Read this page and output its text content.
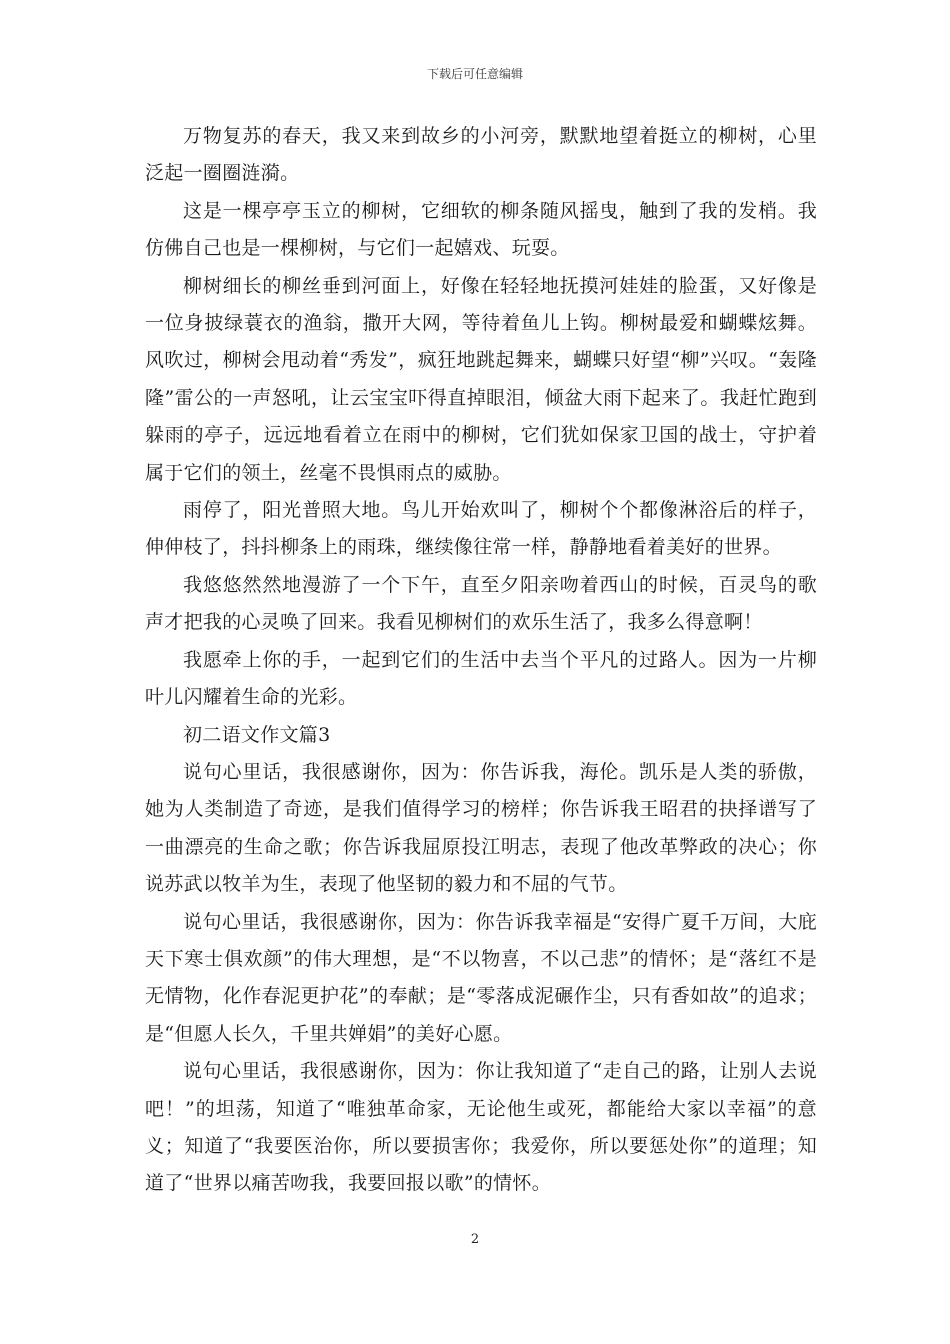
下载后可任意编辑

万物复苏的春天，我又来到故乡的小河旁，默默地望着挺立的柳树，心里泛起一圈圈涟漪。

这是一棵亭亭玉立的柳树，它细软的柳条随风摇曳，触到了我的发梢。我仿佛自己也是一棵柳树，与它们一起嬉戏、玩耍。

柳树细长的柳丝垂到河面上，好像在轻轻地抚摸河娃娃的脸蛋，又好像是一位身披绿蓑衣的渔翁，撒开大网，等待着鱼儿上钩。柳树最爱和蝴蝶炫舞。风吹过，柳树会甩动着“秀发”，疯狂地跳起舞来，蝴蝶只好望“柳”兴叹。“轰隆隆”雷公的一声怒吼，让云宝宝吓得直掉眼泪，倾盆大雨下起来了。我赶忙跑到躲雨的亭子，远远地看着立在雨中的柳树，它们犹如保家卫国的战士，守护着属于它们的领土，丝毫不畏惧雨点的威胁。

雨停了，阳光普照大地。鸟儿开始欢叫了，柳树个个都像淋浴后的样子，伸伸枝了，抖抖柳条上的雨珠，继续像往常一样，静静地看着美好的世界。

我悠悠然然地漫游了一个下午，直至夕阳亲吻着西山的时候，百灵鸟的歌声才把我的心灵唤了回来。我看见柳树们的欢乐生活了，我多么得意啊！

我愿牵上你的手，一起到它们的生活中去当个平凡的过路人。因为一片柳叶儿闪耀着生命的光彩。

初二语文作文篇3

说句心里话，我很感谢你，因为：你告诉我，海伦。凯乐是人类的骄傲，她为人类制造了奇迹，是我们值得学习的榜样；你告诉我王昭君的抉择谱写了一曲漂亮的生命之歌；你告诉我屈原投江明志，表现了他改革弊政的决心；你说苏武以牧羊为生，表现了他坚韧的毅力和不屈的气节。

说句心里话，我很感谢你，因为：你告诉我幸福是“安得广夏千万间，大庇天下寒士俱欢颜”的伟大理想，是“不以物喜，不以己悲”的情怀；是“落红不是无情物，化作春泥更护花”的奉献；是“零落成泥碾作尘，只有香如故”的追求；是“但愿人长久，千里共婵娟”的美好心愿。

说句心里话，我很感谢你，因为：你让我知道了“走自己的路，让别人去说吧！”的坦荡，知道了“唯独革命家，无论他生或死，都能给大家以幸福”的意义；知道了“我要医治你，所以要损害你；我爱你，所以要惩处你”的道理；知道了“世界以痛苦吻我，我要回报以歌”的情怀。

2
